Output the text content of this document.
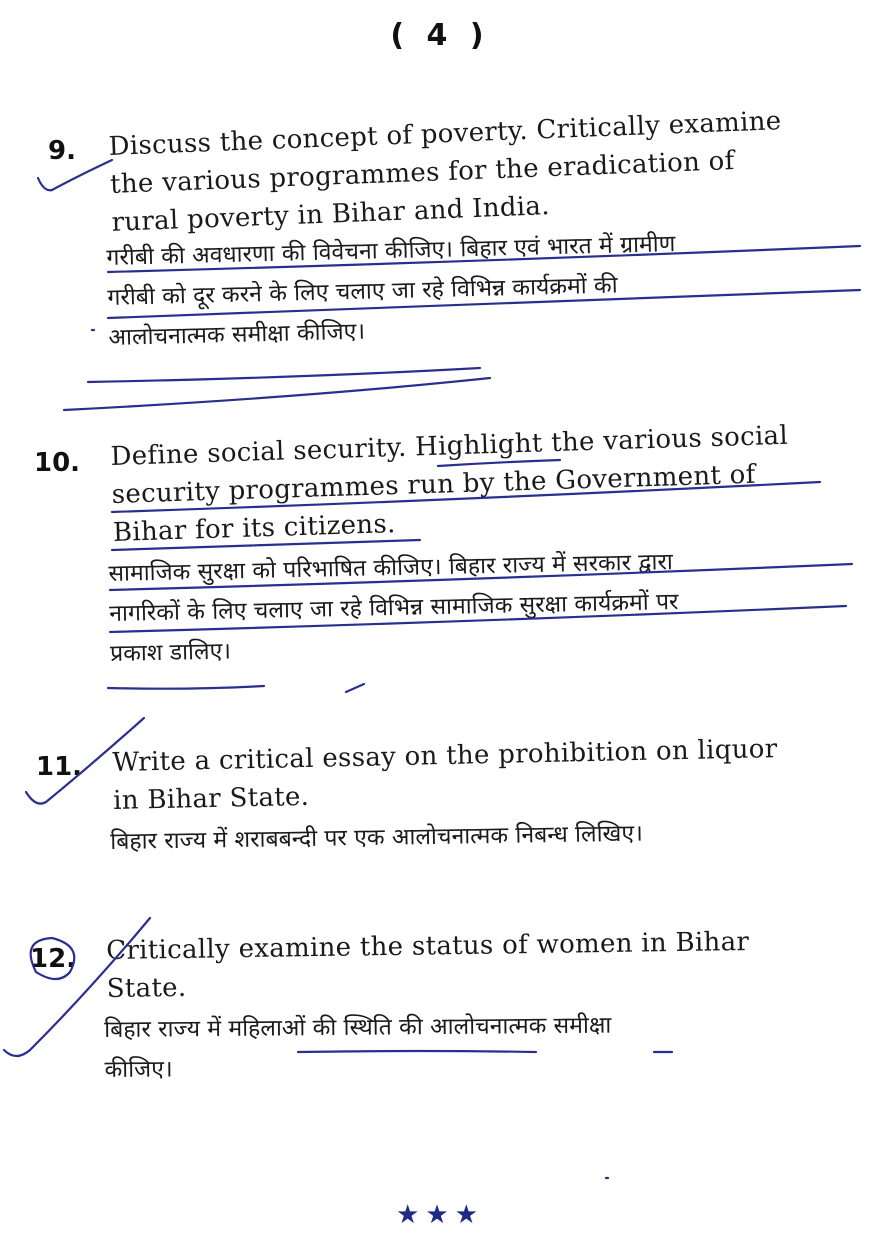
( 4 )
9. Discuss the concept of poverty. Critically examine
the various programmes for the eradication of
rural poverty in Bihar and India.
गरीबी की अवधारणा की विवेचना कीजिए। बिहार एवं भारत में ग्रामीण
गरीबी को दूर करने के लिए चलाए जा रहे विभिन्न कार्यक्रमों की
आलोचनात्मक समीक्षा कीजिए।
10. Define social security. Highlight the various social
security programmes run by the Government of
Bihar for its citizens.
सामाजिक सुरक्षा को परिभाषित कीजिए। बिहार राज्य में सरकार द्वारा
नागरिकों के लिए चलाए जा रहे विभिन्न सामाजिक सुरक्षा कार्यक्रमों पर
प्रकाश डालिए।
11. Write a critical essay on the prohibition on liquor
in Bihar State.
बिहार राज्य में शराबबन्दी पर एक आलोचनात्मक निबन्ध लिखिए।
12. Critically examine the status of women in Bihar
State.
बिहार राज्य में महिलाओं की स्थिति की आलोचनात्मक समीक्षा
कीजिए।
★★★
